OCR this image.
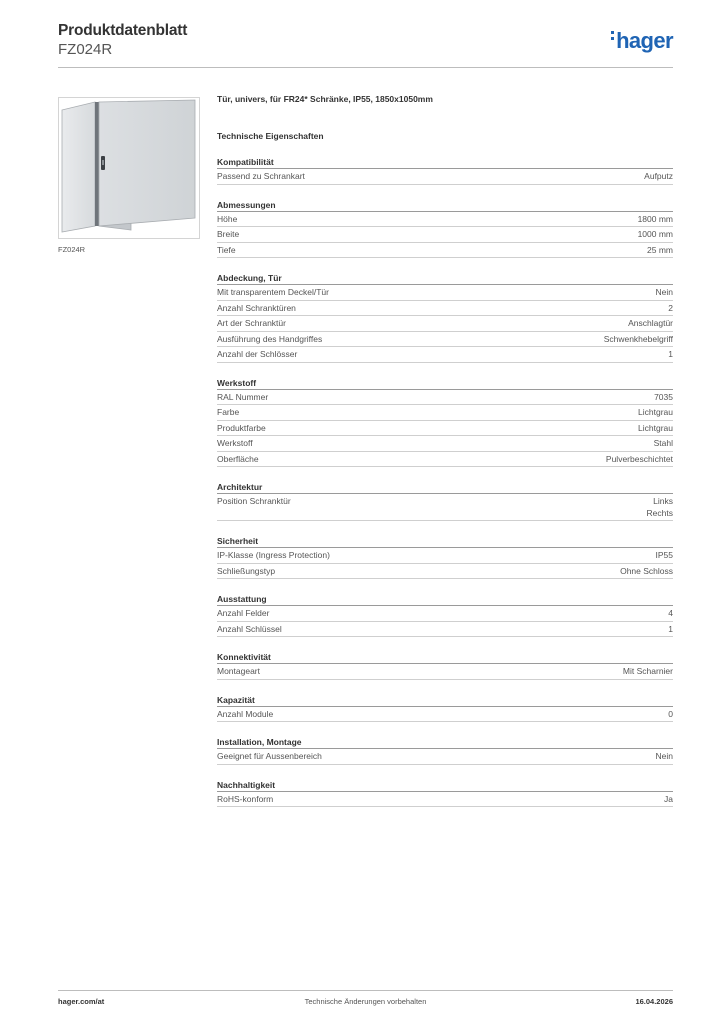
Produktdatenblatt
FZ024R	hager
FZ024R
Tür, univers, für FR24* Schränke, IP55, 1850x1050mm
Technische Eigenschaften
Kompatibilität
Passend zu Schrankart	Aufputz
Abmessungen
Höhe	1800 mm
Breite	1000 mm
Tiefe	25 mm
Abdeckung, Tür
Mit transparentem Deckel/Tür	Nein
Anzahl Schranktüren	2
Art der Schranktür	Anschlagtür
Ausführung des Handgriffes	Schwenkhebelgriff
Anzahl der Schlösser	1
Werkstoff
RAL Nummer	7035
Farbe	Lichtgrau
Produktfarbe	Lichtgrau
Werkstoff	Stahl
Oberfläche	Pulverbeschichtet
Architektur
Position Schranktür	Links
Rechts
Sicherheit
IP-Klasse (Ingress Protection)	IP55
Schließungstyp	Ohne Schloss
Ausstattung
Anzahl Felder	4
Anzahl Schlüssel	1
Konnektivität
Montageart	Mit Scharnier
Kapazität
Anzahl Module	0
Installation, Montage
Geeignet für Aussenbereich	Nein
Nachhaltigkeit
RoHS-konform	Ja
hager.com/at	Technische Änderungen vorbehalten	16.04.2026
